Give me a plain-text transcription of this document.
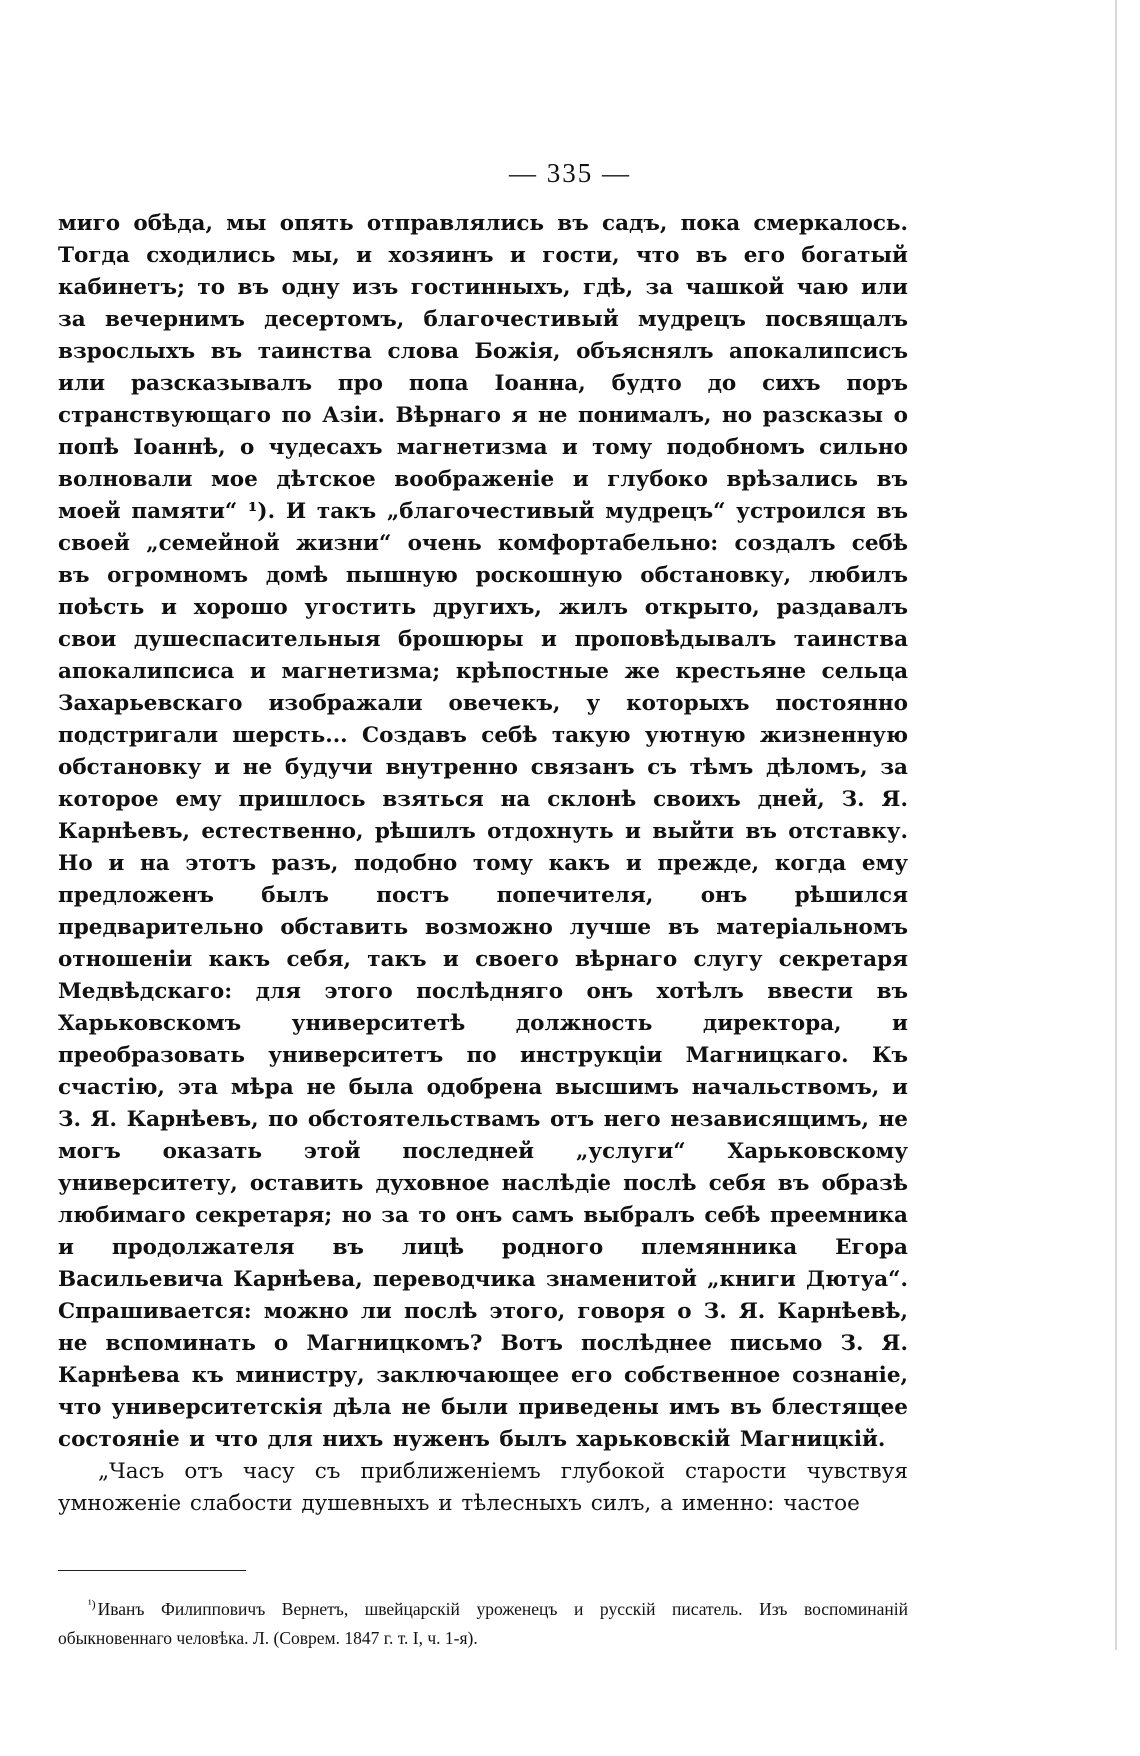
— 335 —

миго обѣда, мы опять отправлялись въ садъ, пока смеркалось. Тогда сходились мы, и хозяинъ и гости, что въ его богатый кабинетъ; то въ одну изъ гостинныхъ, гдѣ, за чашкой чаю или за вечернимъ десертомъ, благочестивый мудрецъ посвящалъ взрослыхъ въ таинства слова Божія, объяснялъ апокалипсисъ или разсказывалъ про попа Іоанна, будто до сихъ поръ странствующаго по Азіи. Вѣрнаго я не понималъ, но разсказы о попѣ Іоаннѣ, о чудесахъ магнетизма и тому подобномъ сильно волновали мое дѣтское воображеніе и глубоко врѣзались въ моей памяти“ ¹). И такъ „благочестивый мудрецъ“ устроился въ своей „семейной жизни“ очень комфортабельно: создалъ себѣ въ огромномъ домѣ пышную роскошную обстановку, любилъ поѣсть и хорошо угостить другихъ, жилъ открыто, раздавалъ свои душеспасительныя брошюры и проповѣдывалъ таинства апокалипсиса и магнетизма; крѣпостные же крестьяне сельца Захарьевскаго изображали овечекъ, у которыхъ постоянно подстригали шерсть... Создавъ себѣ такую уютную жизненную обстановку и не будучи внутренно связанъ съ тѣмъ дѣломъ, за которое ему пришлось взяться на склонѣ своихъ дней, З. Я. Карнѣевъ, естественно, рѣшилъ отдохнуть и выйти въ отставку. Но и на этотъ разъ, подобно тому какъ и прежде, когда ему предложенъ былъ постъ попечителя, онъ рѣшился предварительно обставить возможно лучше въ матеріальномъ отношеніи какъ себя, такъ и своего вѣрнаго слугу секретаря Медвѣдскаго: для этого послѣдняго онъ хотѣлъ ввести въ Харьковскомъ университетѣ должность директора, и преобразовать университетъ по инструкціи Магницкаго. Къ счастію, эта мѣра не была одобрена высшимъ начальствомъ, и З. Я. Карнѣевъ, по обстоятельствамъ отъ него независящимъ, не могъ оказать этой последней „услуги“ Харьковскому университету, оставить духовное наслѣдіе послѣ себя въ образѣ любимаго секретаря; но за то онъ самъ выбралъ себѣ преемника и продолжателя въ лицѣ родного племянника Егора Васильевича Карнѣева, переводчика знаменитой „книги Дютуа“. Спрашивается: можно ли послѣ этого, говоря о З. Я. Карнѣевѣ, не вспоминать о Магницкомъ? Вотъ послѣднее письмо З. Я. Карнѣева къ министру, заключающее его собственное сознаніе, что университетскія дѣла не были приведены имъ въ блестящее состояніе и что для нихъ нуженъ былъ харьковскій Магницкій.

„Часъ отъ часу съ приближеніемъ глубокой старости чувствуя умноженіе слабости душевныхъ и тѣлесныхъ силъ, а именно: частое

$^{^1)}$ Иванъ Филипповичъ Вернетъ, швейцарскій уроженецъ и русскій писатель. Изъ воспоминаній обыкновеннаго человѣка. Л. (Соврем. 1847 г. т. I, ч. 1-я).
